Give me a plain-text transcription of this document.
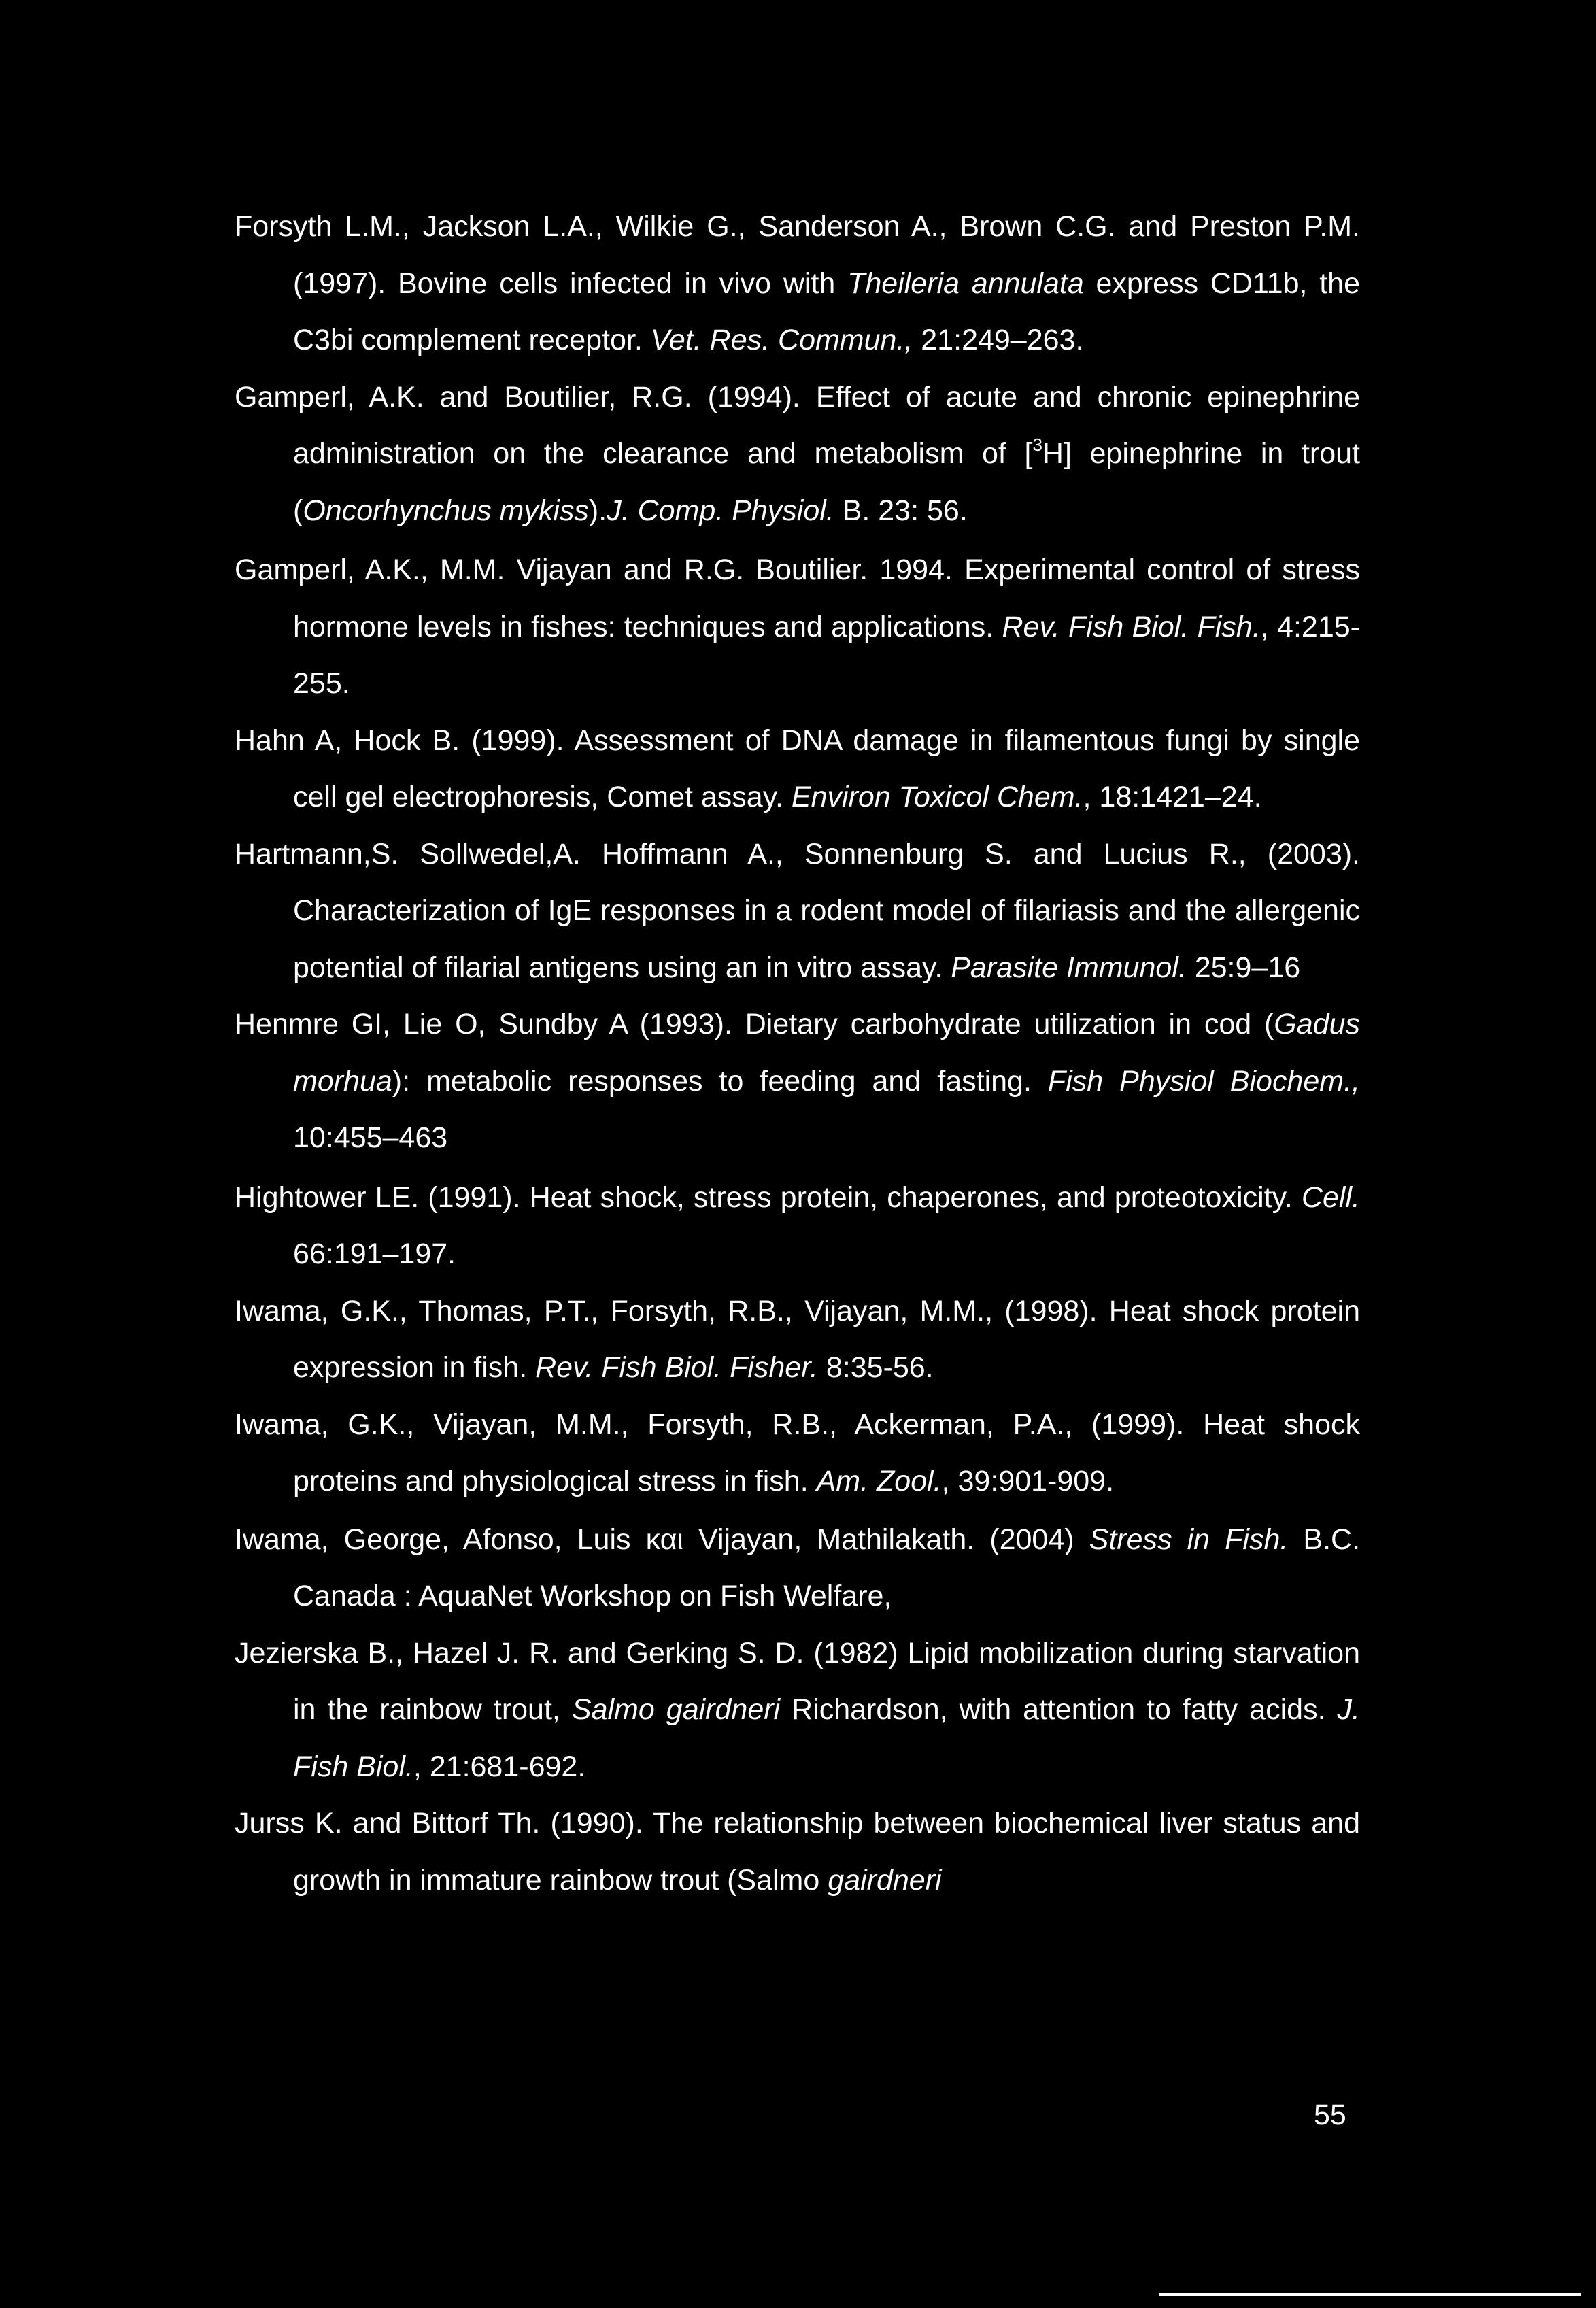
Forsyth L.M., Jackson L.A., Wilkie G., Sanderson A., Brown C.G. and Preston P.M. (1997). Bovine cells infected in vivo with Theileria annulata express CD11b, the C3bi complement receptor. Vet. Res. Commun., 21:249–263.

Gamperl, A.K. and Boutilier, R.G. (1994). Effect of acute and chronic epinephrine administration on the clearance and metabolism of [$^3$H] epinephrine in trout (Oncorhynchus mykiss).J. Comp. Physiol. B. 23: 56.

Gamperl, A.K., M.M. Vijayan and R.G. Boutilier. 1994. Experimental control of stress hormone levels in fishes: techniques and applications. Rev. Fish Biol. Fish., 4:215-255.

Hahn A, Hock B. (1999). Assessment of DNA damage in filamentous fungi by single cell gel electrophoresis, Comet assay. Environ Toxicol Chem., 18:1421–24.

Hartmann,S. Sollwedel,A. Hoffmann A., Sonnenburg S. and Lucius R., (2003). Characterization of IgE responses in a rodent model of filariasis and the allergenic potential of filarial antigens using an in vitro assay. Parasite Immunol. 25:9–16

Henmre GI, Lie O, Sundby A (1993). Dietary carbohydrate utilization in cod (Gadus morhua): metabolic responses to feeding and fasting. Fish Physiol Biochem., 10:455–463

Hightower LE. (1991). Heat shock, stress protein, chaperones, and proteotoxicity. Cell. 66:191–197.

Iwama, G.K., Thomas, P.T., Forsyth, R.B., Vijayan, M.M., (1998). Heat shock protein expression in fish. Rev. Fish Biol. Fisher. 8:35-56.

Iwama, G.K., Vijayan, M.M., Forsyth, R.B., Ackerman, P.A., (1999). Heat shock proteins and physiological stress in fish. Am. Zool., 39:901-909.

Iwama, George, Afonso, Luis και Vijayan, Mathilakath. (2004) Stress in Fish. B.C. Canada : AquaNet Workshop on Fish Welfare,

Jezierska B., Hazel J. R. and Gerking S. D. (1982) Lipid mobilization during starvation in the rainbow trout, Salmo gairdneri Richardson, with attention to fatty acids. J. Fish Biol., 21:681-692.

Jurss K. and Bittorf Th. (1990). The relationship between biochemical liver status and growth in immature rainbow trout (Salmo gairdneri

55
